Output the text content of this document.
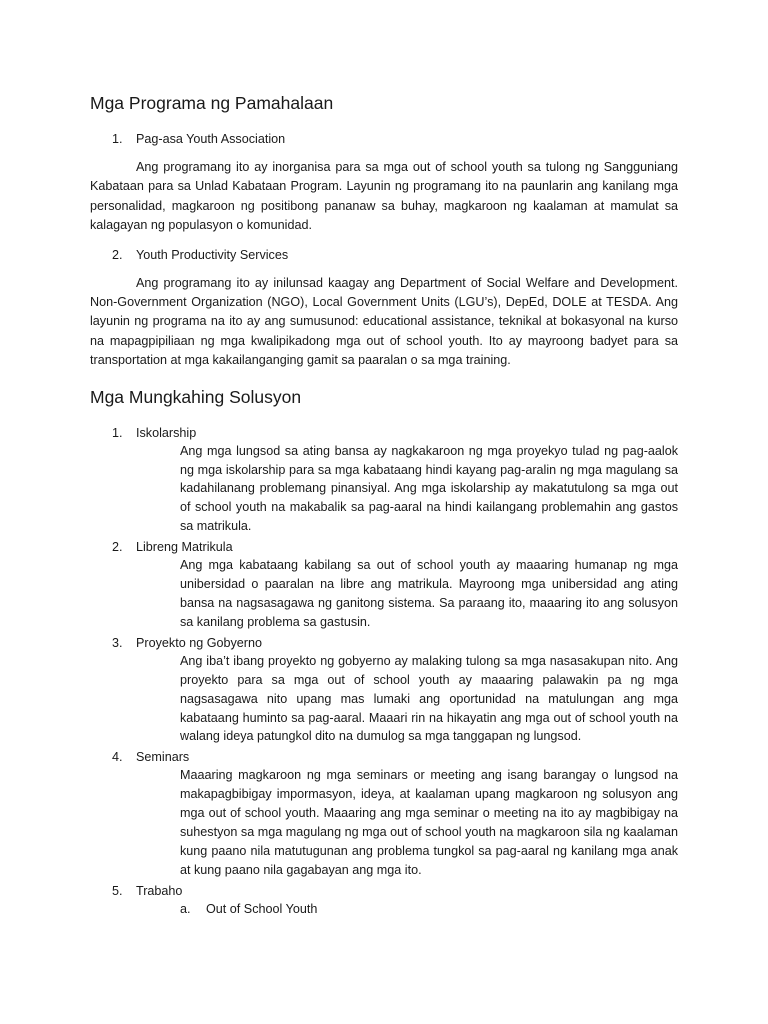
Mga Programa ng Pamahalaan
1.	Pag-asa Youth Association

Ang programang ito ay inorganisa para sa mga out of school youth sa tulong ng Sangguniang Kabataan para sa Unlad Kabataan Program. Layunin ng programang ito na paunlarin ang kanilang mga personalidad, magkaroon ng positibong pananaw sa buhay, magkaroon ng kaalaman at mamulat sa kalagayan ng populasyon o komunidad.

2.	Youth Productivity Services

Ang programang ito ay inilunsad kaagay ang Department of Social Welfare and Development. Non-Government Organization (NGO), Local Government Units (LGU’s), DepEd, DOLE at TESDA. Ang layunin ng programa na ito ay ang sumusunod: educational assistance, teknikal at bokasyonal na kurso na mapagpipiliaan ng mga kwalipikadong mga out of school youth. Ito ay mayroong badyet para sa transportation at mga kakailanganging gamit sa paaralan o sa mga training.

Mga Mungkahing Solusyon
1.	Iskolarship
Ang mga lungsod sa ating bansa ay nagkakaroon ng mga proyekyo tulad ng pag-aalok ng mga iskolarship para sa mga kabataang hindi kayang pag-aralin ng mga magulang sa kadahilanang problemang pinansiyal. Ang mga iskolarship ay makatutulong sa mga out of school youth na makabalik sa pag-aaral na hindi kailangang problemahin ang gastos sa matrikula.
2.	Libreng Matrikula
Ang mga kabataang kabilang sa out of school youth ay maaaring humanap ng mga unibersidad o paaralan na libre ang matrikula. Mayroong mga unibersidad ang ating bansa na nagsasagawa ng ganitong sistema. Sa paraang ito, maaaring ito ang solusyon sa kanilang problema sa gastusin.
3.	Proyekto ng Gobyerno
Ang iba’t ibang proyekto ng gobyerno ay malaking tulong sa mga nasasakupan nito. Ang proyekto para sa mga out of school youth ay maaaring palawakin pa ng mga nagsasagawa nito upang mas lumaki ang oportunidad na matulungan ang mga kabataang huminto sa pag-aaral. Maaari rin na hikayatin ang mga out of school youth na walang ideya patungkol dito na dumulog sa mga tanggapan ng lungsod.
4.	Seminars
Maaaring magkaroon ng mga seminars or meeting ang isang barangay o lungsod na makapagbibigay impormasyon, ideya, at kaalaman upang magkaroon ng solusyon ang mga out of school youth. Maaaring ang mga seminar o meeting na ito ay magbibigay na suhestyon sa mga magulang ng mga out of school youth na magkaroon sila ng kaalaman kung paano nila matutugunan ang problema tungkol sa pag-aaral ng kanilang mga anak at kung paano nila gagabayan ang mga ito.
5.	Trabaho
a.	Out of School Youth
